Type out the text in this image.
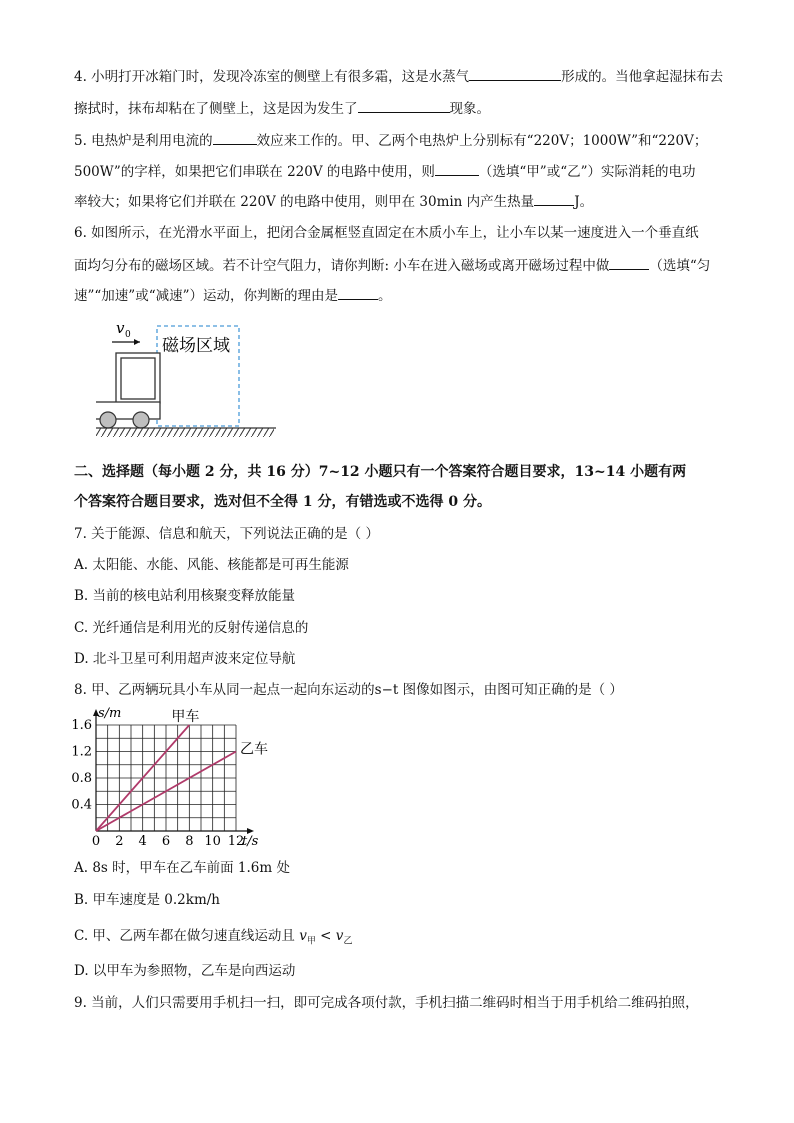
4. 小明打开冰箱门时，发现冷冻室的侧壁上有很多霜，这是水蒸气	形成的。当他拿起湿抹布去
擦拭时，抹布却粘在了侧壁上，这是因为发生了	现象。
5. 电热炉是利用电流的	效应来工作的。甲、乙两个电热炉上分别标有“220V；1000W”和“220V；
500W”的字样，如果把它们串联在 220V 的电路中使用，则	（选填“甲”或“乙”）实际消耗的电功
率较大；如果将它们并联在 220V 的电路中使用，则甲在 30min 内产生热量	J。
6. 如图所示，在光滑水平面上，把闭合金属框竖直固定在木质小车上，让小车以某一速度进入一个垂直纸
面均匀分布的磁场区域。若不计空气阻力，请你判断: 小车在进入磁场或离开磁场过程中做	（选填“匀
速”“加速”或“减速”）运动，你判断的理由是	。
v 0
磁场区域
二、选择题（每小题 2 分，共 16 分）7~12 小题只有一个答案符合题目要求，13~14 小题有两
个答案符合题目要求，选对但不全得 1 分，有错选或不选得 0 分。
7. 关于能源、信息和航天，下列说法正确的是（ ）
A. 太阳能、水能、风能、核能都是可再生能源
B. 当前的核电站利用核聚变释放能量
C. 光纤通信是利用光的反射传递信息的
D. 北斗卫星可利用超声波来定位导航
8. 甲、乙两辆玩具小车从同一起点一起向东运动的s−t 图像如图示，由图可知正确的是（ ）
0 2 4 6 8 10 12
0.4
0.8
1.2
1.6
s/m
t/s
甲车
乙车
A. 8s 时，甲车在乙车前面 1.6m 处
B. 甲车速度是 0.2km/h
C. 甲、乙两车都在做匀速直线运动且 $v_甲 < v_乙$
D. 以甲车为参照物，乙车是向西运动
9. 当前，人们只需要用手机扫一扫，即可完成各项付款，手机扫描二维码时相当于用手机给二维码拍照，
